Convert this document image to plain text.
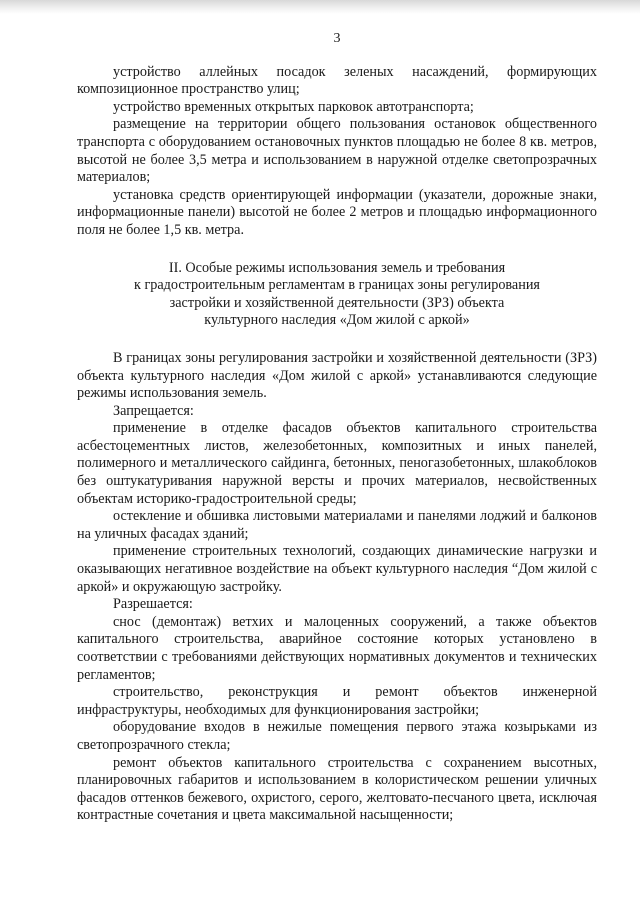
3

устройство аллейных посадок зеленых насаждений, формирующих композиционное пространство улиц;

устройство временных открытых парковок автотранспорта;

размещение на территории общего пользования остановок общественного транспорта с оборудованием остановочных пунктов площадью не более 8 кв. метров, высотой не более 3,5 метра и использованием в наружной отделке светопрозрачных материалов;

установка средств ориентирующей информации (указатели, дорожные знаки, информационные панели) высотой не более 2 метров и площадью информационного поля не более 1,5 кв. метра.

II. Особые режимы использования земель и требования
к градостроительным регламентам в границах зоны регулирования
застройки и хозяйственной деятельности (ЗРЗ) объекта
культурного наследия «Дом жилой с аркой»

В границах зоны регулирования застройки и хозяйственной деятельности (ЗРЗ) объекта культурного наследия «Дом жилой с аркой» устанавливаются следующие режимы использования земель.

Запрещается:

применение в отделке фасадов объектов капитального строительства асбестоцементных листов, железобетонных, композитных и иных панелей, полимерного и металлического сайдинга, бетонных, пеногазобетонных, шлакоблоков без оштукатуривания наружной версты и прочих материалов, несвойственных объектам историко-градостроительной среды;

остекление и обшивка листовыми материалами и панелями лоджий и балконов на уличных фасадах зданий;

применение строительных технологий, создающих динамические нагрузки и оказывающих негативное воздействие на объект культурного наследия “Дом жилой с аркой» и окружающую застройку.

Разрешается:

снос (демонтаж) ветхих и малоценных сооружений, а также объектов капитального строительства, аварийное состояние которых установлено в соответствии с требованиями действующих нормативных документов и технических регламентов;

строительство, реконструкция и ремонт объектов инженерной инфраструктуры, необходимых для функционирования застройки;

оборудование входов в нежилые помещения первого этажа козырьками из светопрозрачного стекла;

ремонт объектов капитального строительства с сохранением высотных, планировочных габаритов и использованием в колористическом решении уличных фасадов оттенков бежевого, охристого, серого, желтовато-песчаного цвета, исключая контрастные сочетания и цвета максимальной насыщенности;
